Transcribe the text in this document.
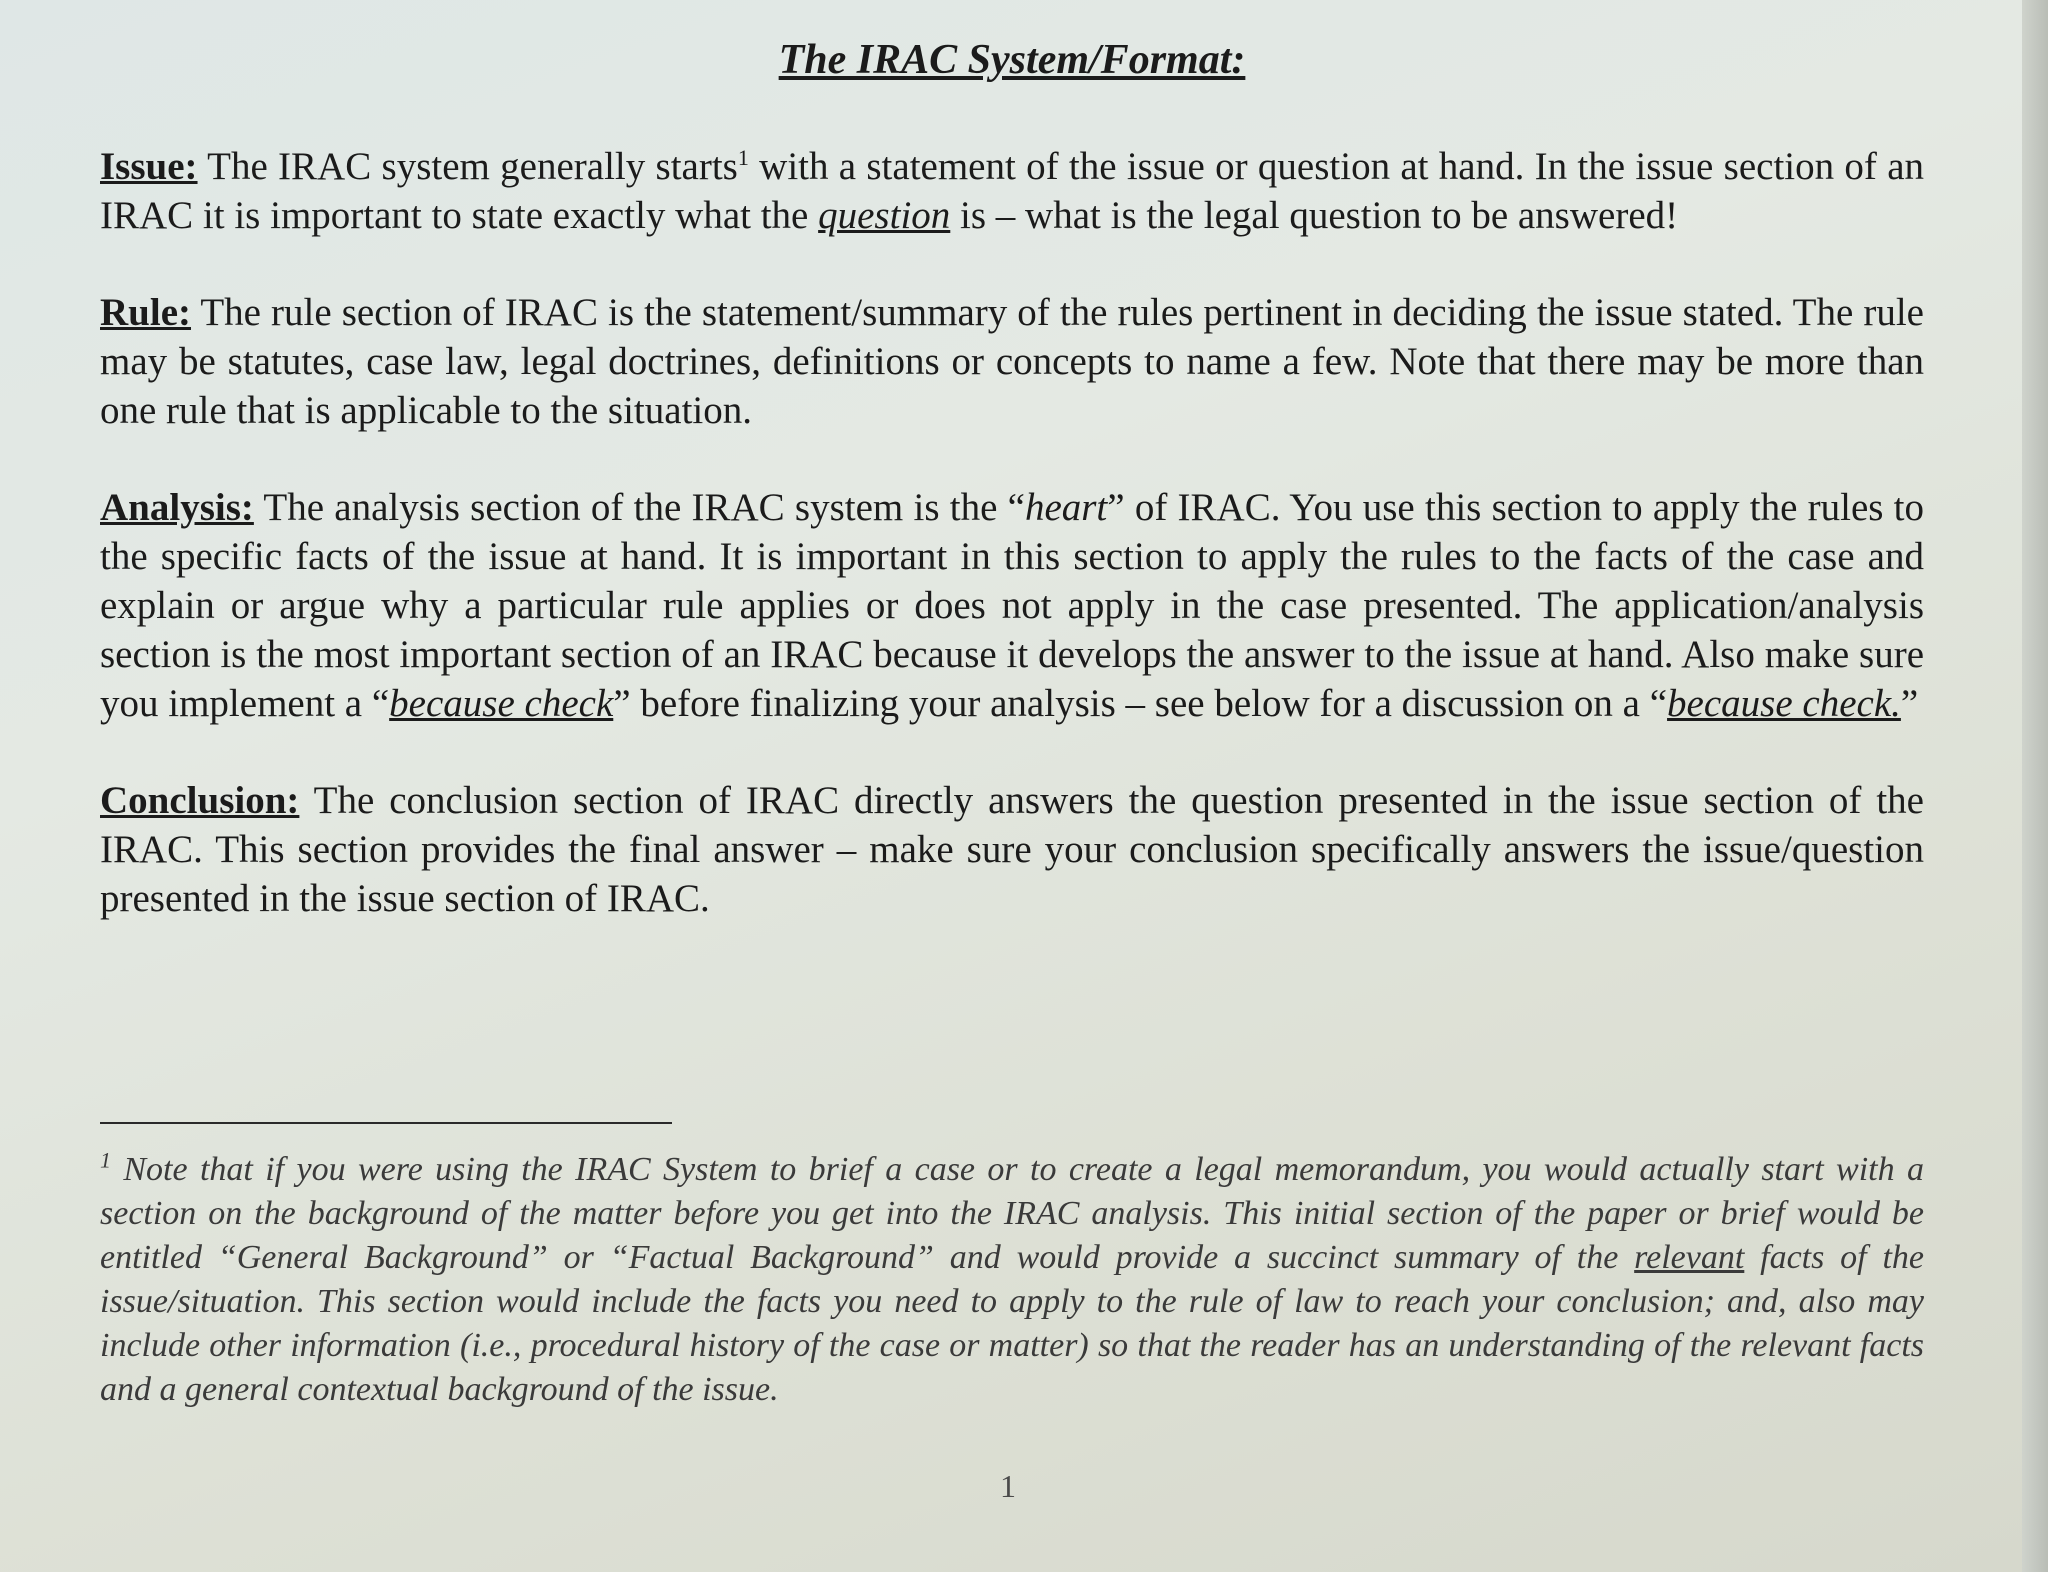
The IRAC System/Format:

Issue: The IRAC system generally starts$^1$ with a statement of the issue or question at hand. In the issue section of an IRAC it is important to state exactly what the question is – what is the legal question to be answered!

Rule: The rule section of IRAC is the statement/summary of the rules pertinent in deciding the issue stated. The rule may be statutes, case law, legal doctrines, definitions or concepts to name a few. Note that there may be more than one rule that is applicable to the situation.

Analysis: The analysis section of the IRAC system is the “heart” of IRAC. You use this section to apply the rules to the specific facts of the issue at hand. It is important in this section to apply the rules to the facts of the case and explain or argue why a particular rule applies or does not apply in the case presented. The application/analysis section is the most important section of an IRAC because it develops the answer to the issue at hand. Also make sure you implement a “because check” before finalizing your analysis – see below for a discussion on a “because check.”

Conclusion: The conclusion section of IRAC directly answers the question presented in the issue section of the IRAC. This section provides the final answer – make sure your conclusion specifically answers the issue/question presented in the issue section of IRAC.

$^1$ Note that if you were using the IRAC System to brief a case or to create a legal memorandum, you would actually start with a section on the background of the matter before you get into the IRAC analysis. This initial section of the paper or brief would be entitled “General Background” or “Factual Background” and would provide a succinct summary of the relevant facts of the issue/situation. This section would include the facts you need to apply to the rule of law to reach your conclusion; and, also may include other information (i.e., procedural history of the case or matter) so that the reader has an understanding of the relevant facts and a general contextual background of the issue.
1
